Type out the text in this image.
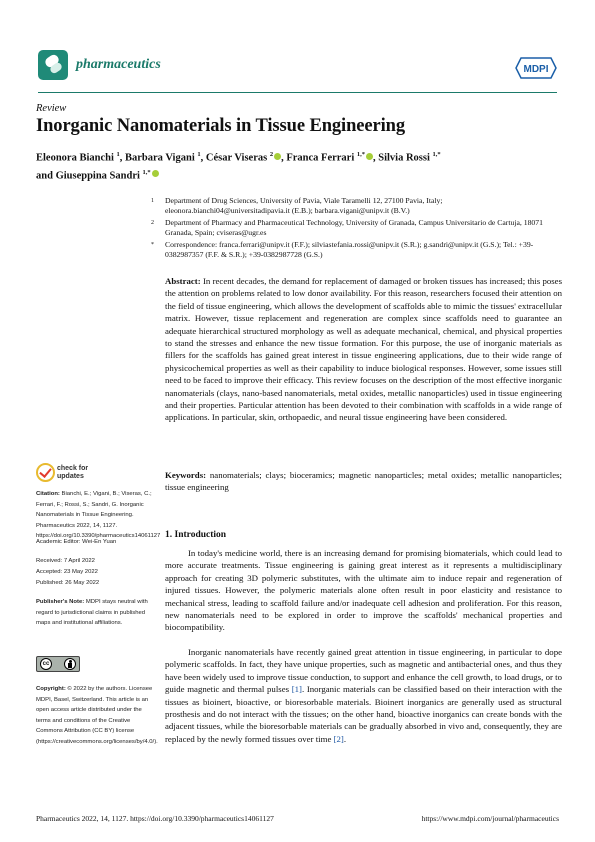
pharmaceutics	MDPI
Review
Inorganic Nanomaterials in Tissue Engineering
Eleonora Bianchi $^1$, Barbara Vigani $^1$, César Viseras $^2$ , Franca Ferrari $^{1,*}$ , Silvia Rossi $^{1,*}$
and Giuseppina Sandri $^{1,*}$
1 Department of Drug Sciences, University of Pavia, Viale Taramelli 12, 27100 Pavia, Italy; eleonora.bianchi04@universitadipavia.it (E.B.); barbara.vigani@unipv.it (B.V.)
2 Department of Pharmacy and Pharmaceutical Technology, University of Granada, Campus Universitario de Cartuja, 18071 Granada, Spain; cviseras@ugr.es
* Correspondence: franca.ferrari@unipv.it (F.F.); silviastefania.rossi@unipv.it (S.R.); g.sandri@unipv.it (G.S.); Tel.: +39-0382987357 (F.F. & S.R.); +39-0382987728 (G.S.)
Abstract: In recent decades, the demand for replacement of damaged or broken tissues has increased; this poses the attention on problems related to low donor availability. For this reason, researchers focused their attention on the field of tissue engineering, which allows the development of scaffolds able to mimic the tissues' extracellular matrix. However, tissue replacement and regeneration are complex since scaffolds need to guarantee an adequate hierarchical structured morphology as well as adequate mechanical, chemical, and physical properties to stand the stresses and enhance the new tissue formation. For this purpose, the use of inorganic materials as fillers for the scaffolds has gained great interest in tissue engineering applications, due to their wide range of physicochemical properties as well as their capability to induce biological responses. However, some issues still need to be faced to improve their efficacy. This review focuses on the description of the most effective inorganic nanomaterials (clays, nano-based nanomaterials, metal oxides, metallic nanoparticles) used in tissue engineering and their properties. Particular attention has been devoted to their combination with scaffolds in a wide range of applications. In particular, skin, orthopaedic, and neural tissue engineering have been considered.
Keywords: nanomaterials; clays; bioceramics; magnetic nanoparticles; metal oxides; metallic nanoparticles; tissue engineering
1. Introduction
In today's medicine world, there is an increasing demand for promising biomaterials, which could lead to more accurate treatments. Tissue engineering is gaining great interest as it represents a multidisciplinary approach for creating 3D polymeric substitutes, with the ultimate aim to induce repair and regeneration of injured tissues. However, the polymeric materials alone often result in poor elasticity and resistance to mechanical stress, leading to scaffold failure and/or inadequate cell adhesion and proliferation. For this reason, new nanomaterials need to be explored in order to improve the scaffolds' mechanical properties and biocompatibility.
Inorganic nanomaterials have recently gained great attention in tissue engineering, in particular to dope polymeric scaffolds. In fact, they have unique properties, such as magnetic and antibacterial ones, and thus they have been widely used to improve tissue conduction, to support and enhance the cell growth, to load drugs, or to guide magnetic and thermal pulses [1]. Inorganic materials can be classified based on their interaction with the tissues as bioinert, bioactive, or bioresorbable materials. Bioinert inorganics are generally used as structural prosthesis and do not interact with the tissues; on the other hand, bioactive inorganics can create bonds with the adjacent tissues, while the bioresorbable materials can be gradually absorbed in vivo and, consequently, they are replaced by the newly formed tissues over time [2].
check for updates
Citation: Bianchi, E.; Vigani, B.; Viseras, C.; Ferrari, F.; Rossi, S.; Sandri, G. Inorganic Nanomaterials in Tissue Engineering. Pharmaceutics 2022, 14, 1127. https://doi.org/10.3390/pharmaceutics14061127
Academic Editor: Wei-En Yuan
Received: 7 April 2022
Accepted: 23 May 2022
Published: 26 May 2022
Publisher's Note: MDPI stays neutral with regard to jurisdictional claims in published maps and institutional affiliations.
cc
Copyright: © 2022 by the authors. Licensee MDPI, Basel, Switzerland. This article is an open access article distributed under the terms and conditions of the Creative Commons Attribution (CC BY) license (https://creativecommons.org/licenses/by/4.0/).
Pharmaceutics 2022, 14, 1127. https://doi.org/10.3390/pharmaceutics14061127	https://www.mdpi.com/journal/pharmaceutics
